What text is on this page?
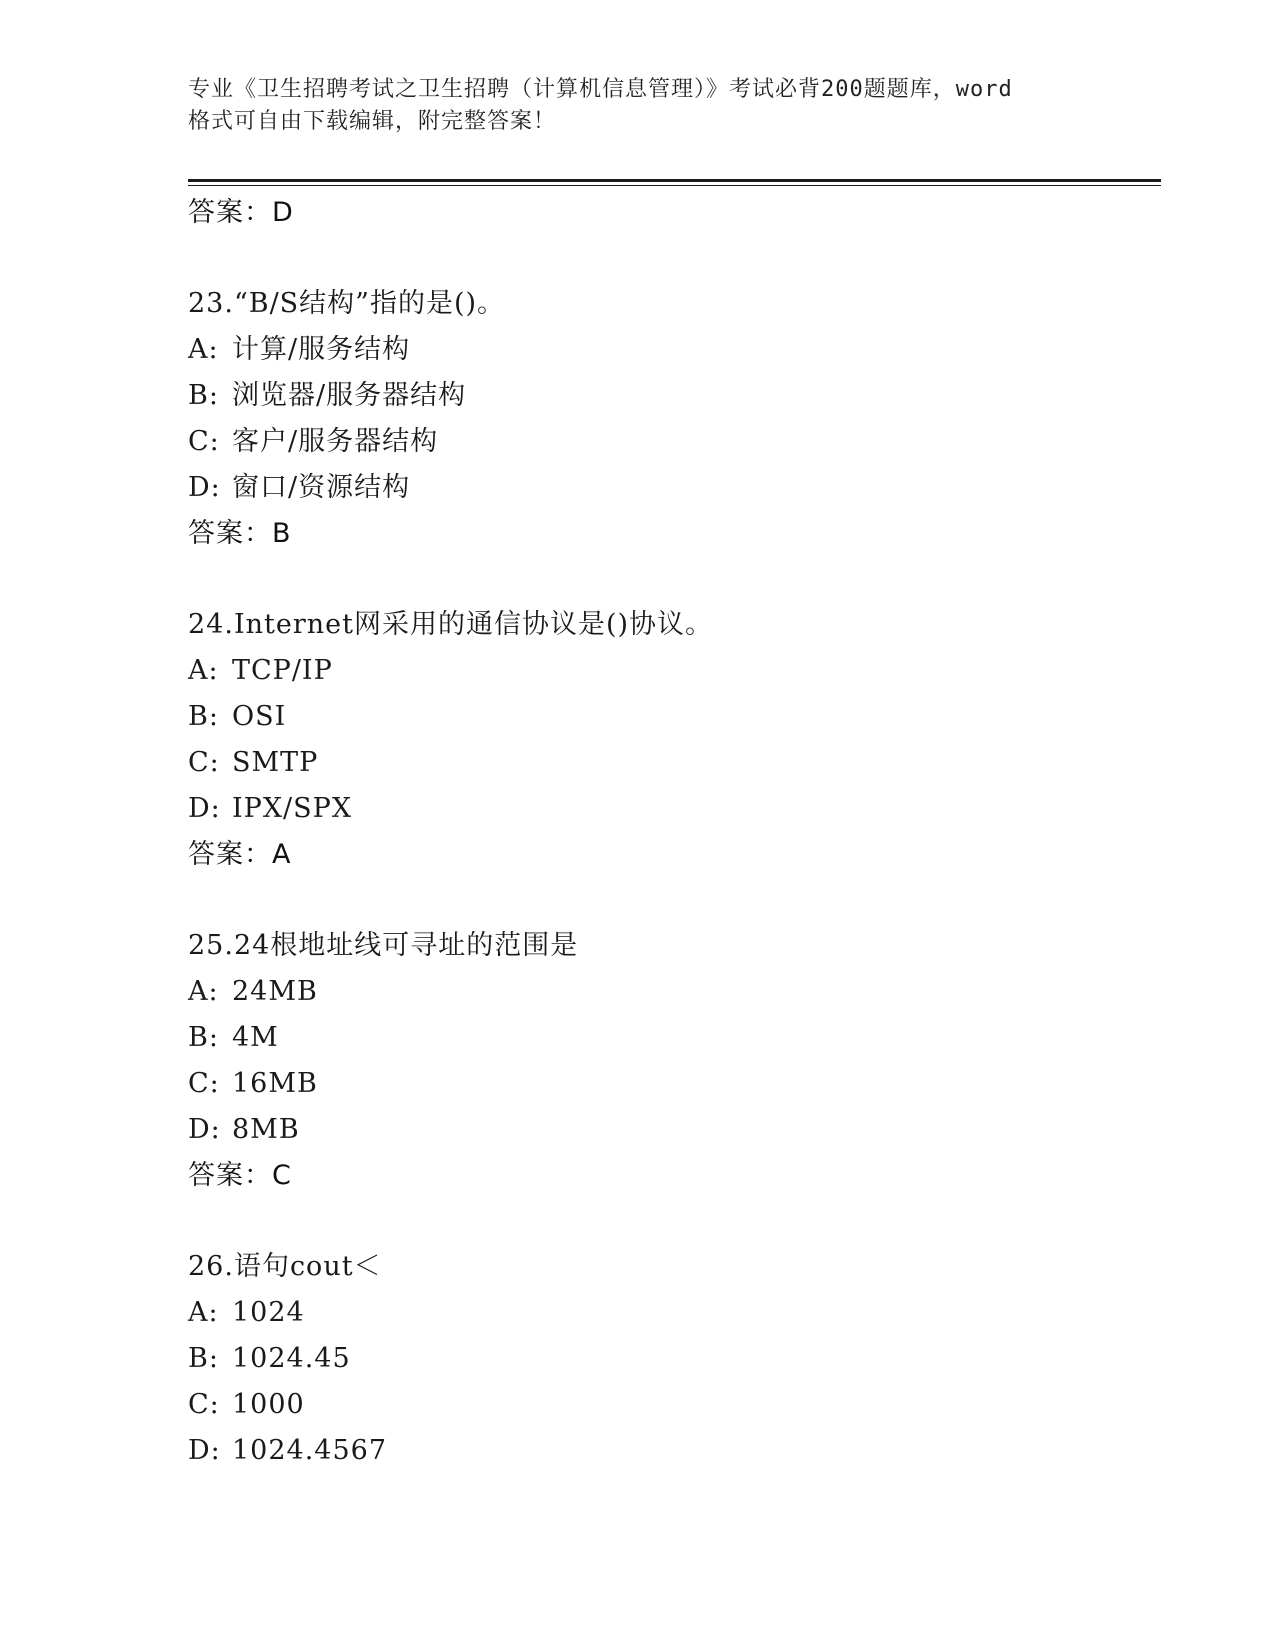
专业《卫生招聘考试之卫生招聘（计算机信息管理）》考试必背200题题库，word
格式可自由下载编辑，附完整答案！
答案：D
23.“B/S结构”指的是()。
A: 计算/服务结构
B: 浏览器/服务器结构
C: 客户/服务器结构
D: 窗口/资源结构
答案：B
24.Internet网采用的通信协议是()协议。
A: TCP/IP
B: OSI
C: SMTP
D: IPX/SPX
答案：A
25.24根地址线可寻址的范围是
A: 24MB
B: 4M
C: 16MB
D: 8MB
答案：C
26.语句cout＜
A: 1024
B: 1024.45
C: 1000
D: 1024.4567
